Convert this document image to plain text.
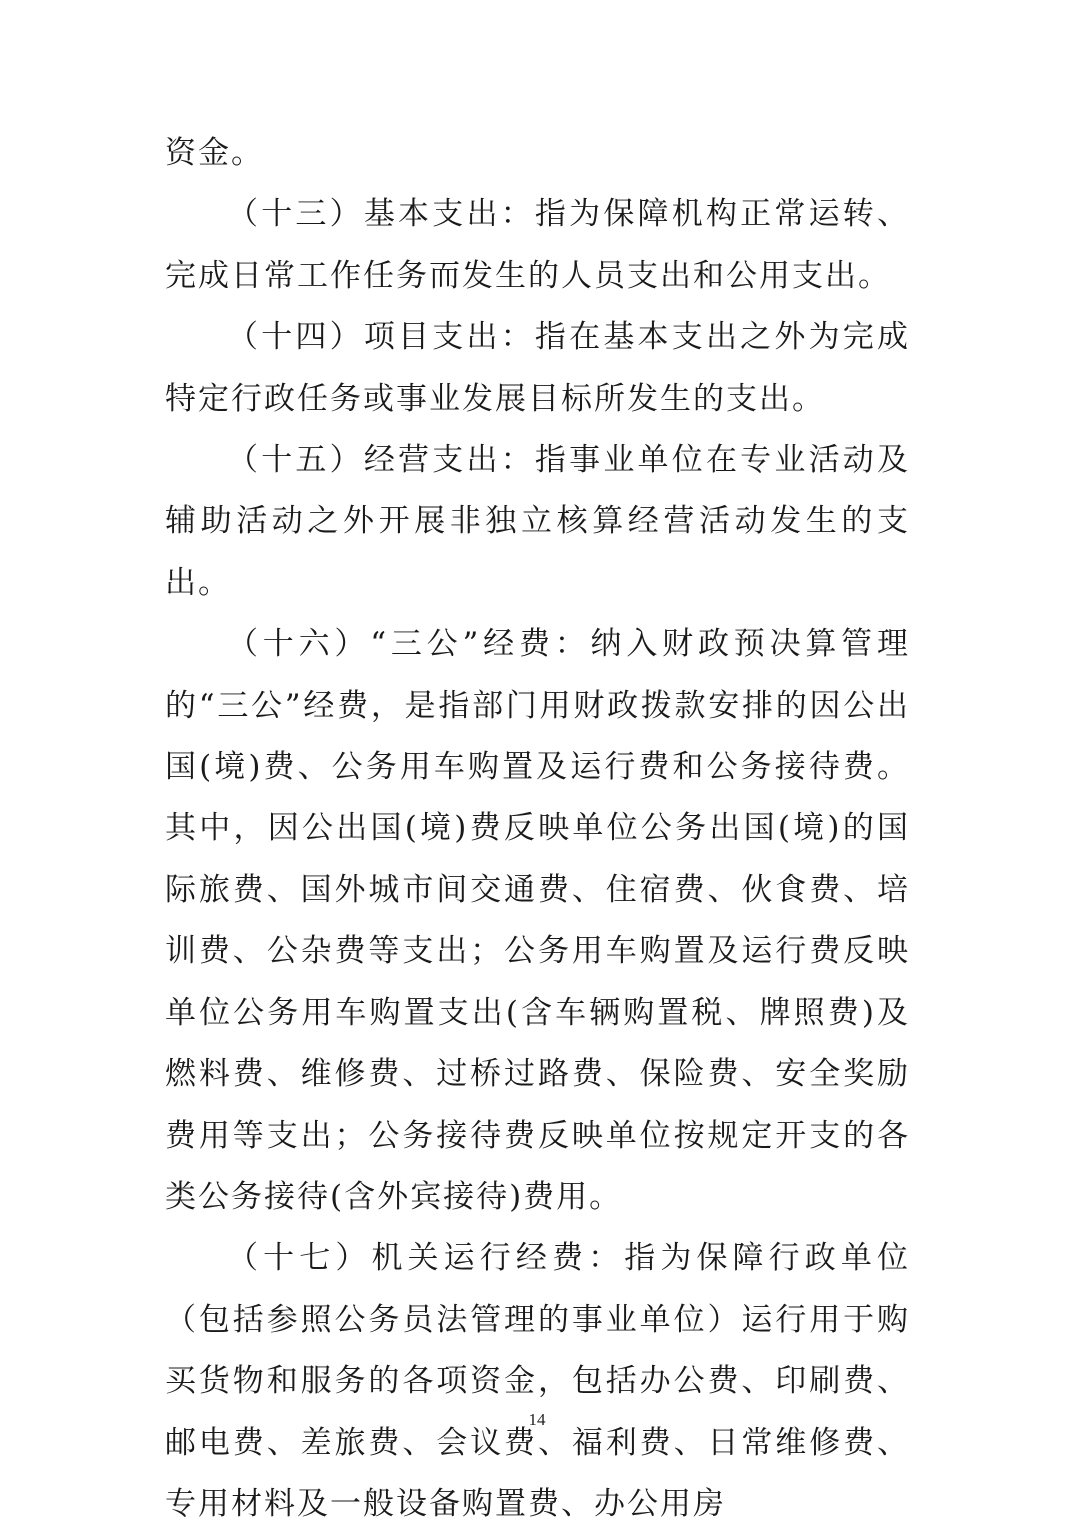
资金。

（十三）基本支出：指为保障机构正常运转、完成日常工作任务而发生的人员支出和公用支出。

（十四）项目支出：指在基本支出之外为完成特定行政任务或事业发展目标所发生的支出。

（十五）经营支出：指事业单位在专业活动及辅助活动之外开展非独立核算经营活动发生的支出。

（十六）“三公”经费：纳入财政预决算管理的“三公”经费，是指部门用财政拨款安排的因公出国(境)费、公务用车购置及运行费和公务接待费。其中，因公出国(境)费反映单位公务出国(境)的国际旅费、国外城市间交通费、住宿费、伙食费、培训费、公杂费等支出；公务用车购置及运行费反映单位公务用车购置支出(含车辆购置税、牌照费)及燃料费、维修费、过桥过路费、保险费、安全奖励费用等支出；公务接待费反映单位按规定开支的各类公务接待(含外宾接待)费用。

（十七）机关运行经费：指为保障行政单位（包括参照公务员法管理的事业单位）运行用于购买货物和服务的各项资金，包括办公费、印刷费、邮电费、差旅费、会议费、福利费、日常维修费、专用材料及一般设备购置费、办公用房

14
